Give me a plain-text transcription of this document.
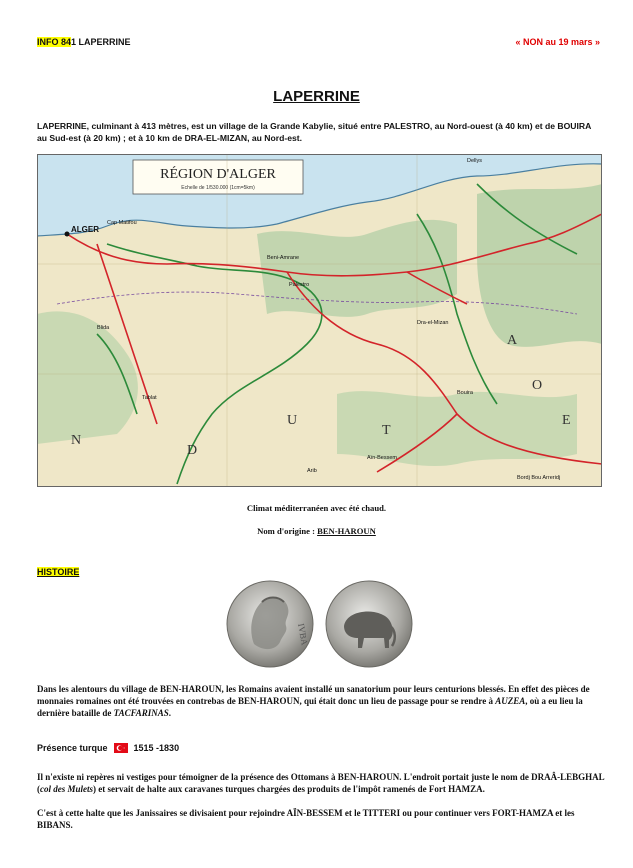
INFO 841 LAPERRINE	« NON au 19 mars »
LAPERRINE
LAPERRINE, culminant à 413 mètres, est un village de la Grande Kabylie, situé entre PALESTRO, au Nord-ouest (à 40 km) et de BOUIRA au Sud-est (à 20 km) ; et à 10 km de DRA-EL-MIZAN, au Nord-est.
RÉGION D'ALGER
Echelle de 1/530.000 (1cm=5km)
ALGER
Dellys
Cap Matifou
Blida
Beni-Amrane
Palestro
Dra-el-Mizan
Tablat
Bouira
Aïn-Bessem
Arib
Bordj Bou Arreridj
N
D
U
T
A
O
E
Climat méditerranéen avec été chaud.
Nom d'origine : BEN-HAROUN
HISTOIRE
IVBA
Dans les alentours du village de BEN-HAROUN, les Romains avaient installé un sanatorium pour leurs centurions blessés. En effet des pièces de monnaies romaines ont été trouvées en contrebas de BEN-HAROUN, qui était donc un lieu de passage pour se rendre à AUZEA, où a eu lieu la dernière bataille de TACFARINAS.
Présence turque	1515 -1830
Il n'existe ni repères ni vestiges pour témoigner de la présence des Ottomans à BEN-HAROUN. L'endroit portait juste le nom de DRAÂ-LEBGHAL (col des Mulets) et servait de halte aux caravanes turques chargées des produits de l'impôt ramenés de Fort HAMZA.
C'est à cette halte que les Janissaires se divisaient pour rejoindre AÏN-BESSEM et le TITTERI ou pour continuer vers FORT-HAMZA et les BIBANS.
